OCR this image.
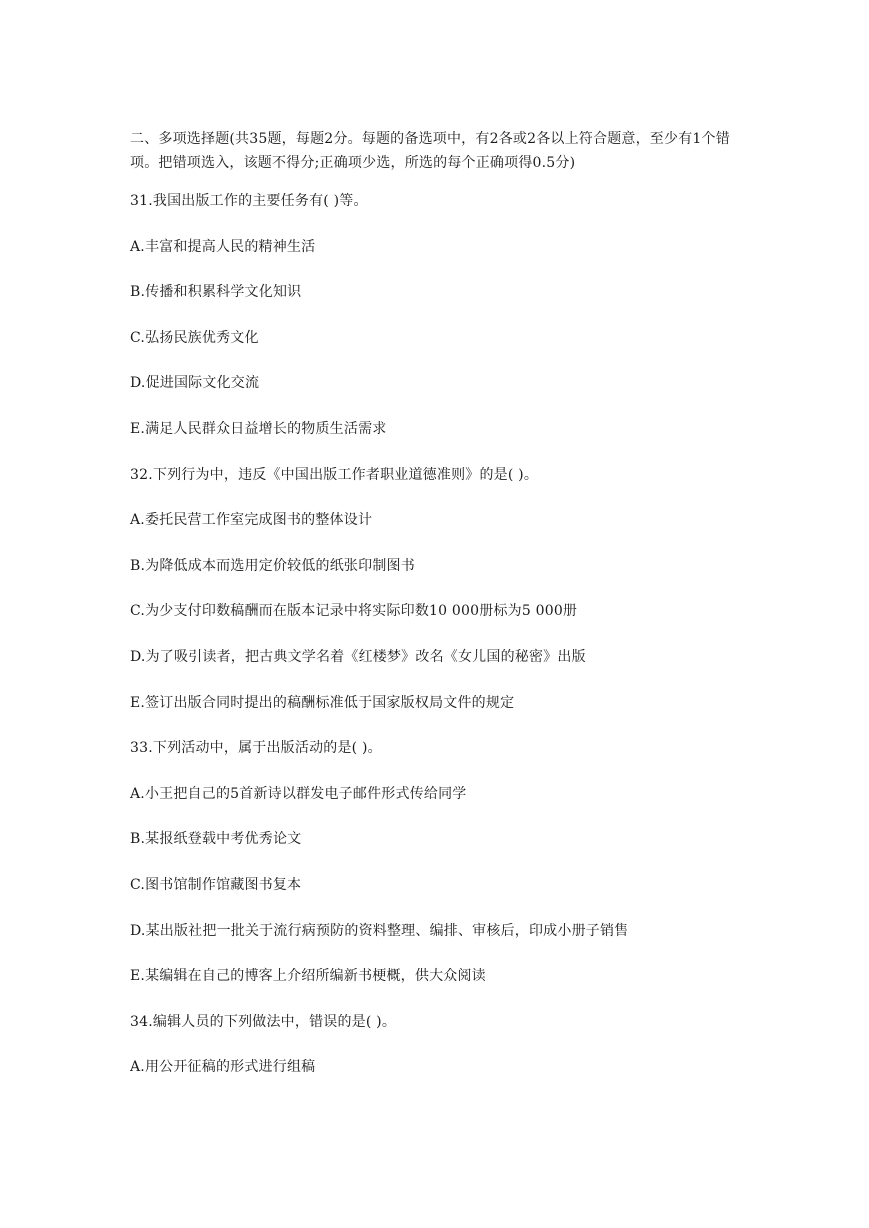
二、多项选择题(共35题，每题2分。每题的备选项中，有2各或2各以上符合题意，至少有1个错项。把错项选入，该题不得分;正确项少选，所选的每个正确项得0.5分)

31.我国出版工作的主要任务有( )等。

A.丰富和提高人民的精神生活

B.传播和积累科学文化知识

C.弘扬民族优秀文化

D.促进国际文化交流

E.满足人民群众日益增长的物质生活需求

32.下列行为中，违反《中国出版工作者职业道德准则》的是( )。

A.委托民营工作室完成图书的整体设计

B.为降低成本而选用定价较低的纸张印制图书

C.为少支付印数稿酬而在版本记录中将实际印数10 000册标为5 000册

D.为了吸引读者，把古典文学名着《红楼梦》改名《女儿国的秘密》出版

E.签订出版合同时提出的稿酬标准低于国家版权局文件的规定

33.下列活动中，属于出版活动的是( )。

A.小王把自己的5首新诗以群发电子邮件形式传给同学

B.某报纸登载中考优秀论文

C.图书馆制作馆藏图书复本

D.某出版社把一批关于流行病预防的资料整理、编排、审核后，印成小册子销售

E.某编辑在自己的博客上介绍所编新书梗概，供大众阅读

34.编辑人员的下列做法中，错误的是( )。

A.用公开征稿的形式进行组稿
